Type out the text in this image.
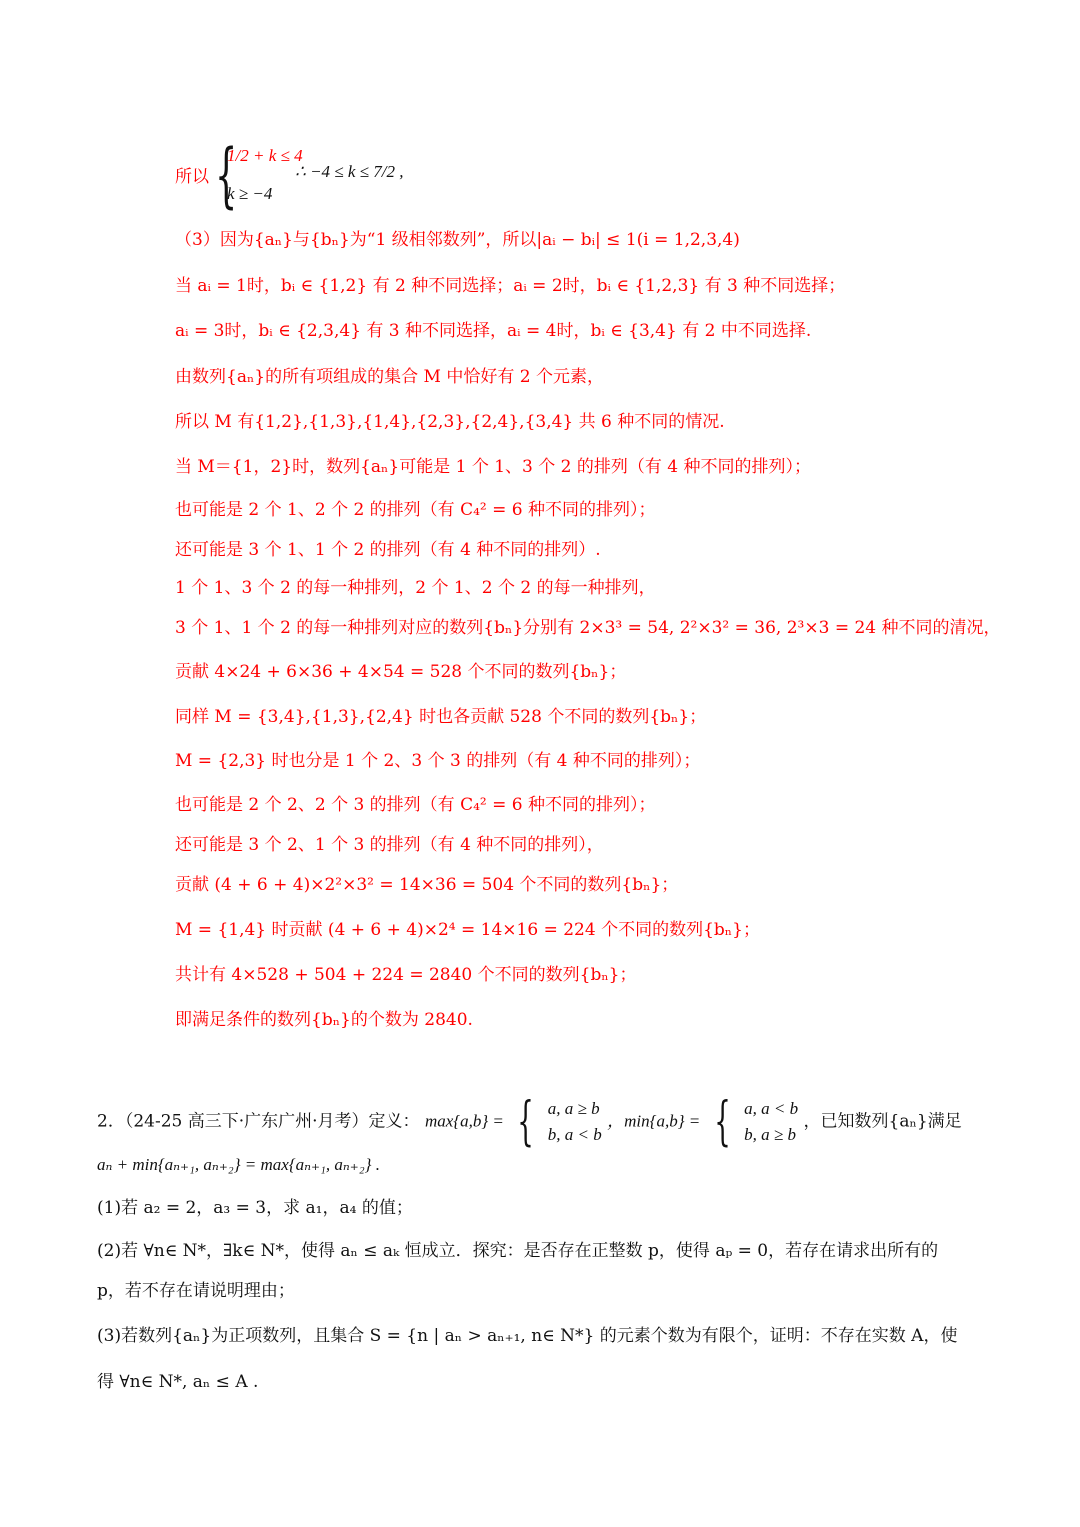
所以 {
1/2 + k ≤ 4
k ≥ −4
∴ −4 ≤ k ≤ 7/2 ,
（3）因为{aₙ}与{bₙ}为“1 级相邻数列”，所以|aᵢ − bᵢ| ≤ 1(i = 1,2,3,4)
当 aᵢ = 1时，bᵢ ∈ {1,2} 有 2 种不同选择；aᵢ = 2时，bᵢ ∈ {1,2,3} 有 3 种不同选择；
aᵢ = 3时，bᵢ ∈ {2,3,4} 有 3 种不同选择，aᵢ = 4时，bᵢ ∈ {3,4} 有 2 中不同选择.
由数列{aₙ}的所有项组成的集合 M 中恰好有 2 个元素，
所以 M 有{1,2},{1,3},{1,4},{2,3},{2,4},{3,4} 共 6 种不同的情况.
当 M＝{1，2}时，数列{aₙ}可能是 1 个 1、3 个 2 的排列（有 4 种不同的排列）；
也可能是 2 个 1、2 个 2 的排列（有 C₄² = 6 种不同的排列）；
还可能是 3 个 1、1 个 2 的排列（有 4 种不同的排列）.
1 个 1、3 个 2 的每一种排列，2 个 1、2 个 2 的每一种排列，
3 个 1、1 个 2 的每一种排列对应的数列{bₙ}分别有 2×3³ = 54, 2²×3² = 36, 2³×3 = 24 种不同的清况，
贡献 4×24 + 6×36 + 4×54 = 528 个不同的数列{bₙ}；
同样 M = {3,4},{1,3},{2,4} 时也各贡献 528 个不同的数列{bₙ}；
M = {2,3} 时也分是 1 个 2、3 个 3 的排列（有 4 种不同的排列）；
也可能是 2 个 2、2 个 3 的排列（有 C₄² = 6 种不同的排列）；
还可能是 3 个 2、1 个 3 的排列（有 4 种不同的排列），
贡献 (4 + 6 + 4)×2²×3² = 14×36 = 504 个不同的数列{bₙ}；
M = {1,4} 时贡献 (4 + 6 + 4)×2⁴ = 14×16 = 224 个不同的数列{bₙ}；
共计有 4×528 + 504 + 224 = 2840 个不同的数列{bₙ}；
即满足条件的数列{bₙ}的个数为 2840.
2．（24-25 高三下·广东广州·月考）定义： max{a,b} = { a, a ≥ b
b, a < b
，min{a,b} = { a, a < b
b, a ≥ b
，已知数列{aₙ}满足
aₙ + min{aₙ₊₁, aₙ₊₂} = max{aₙ₊₁, aₙ₊₂} .
(1)若 a₂ = 2，a₃ = 3，求 a₁，a₄ 的值；
(2)若 ∀n∈ N*，∃k∈ N*，使得 aₙ ≤ aₖ 恒成立．探究：是否存在正整数 p，使得 aₚ = 0，若存在请求出所有的
p，若不存在请说明理由；
(3)若数列{aₙ}为正项数列，且集合 S = {n | aₙ > aₙ₊₁, n∈ N*} 的元素个数为有限个，证明：不存在实数 A，使
得 ∀n∈ N*, aₙ ≤ A .
